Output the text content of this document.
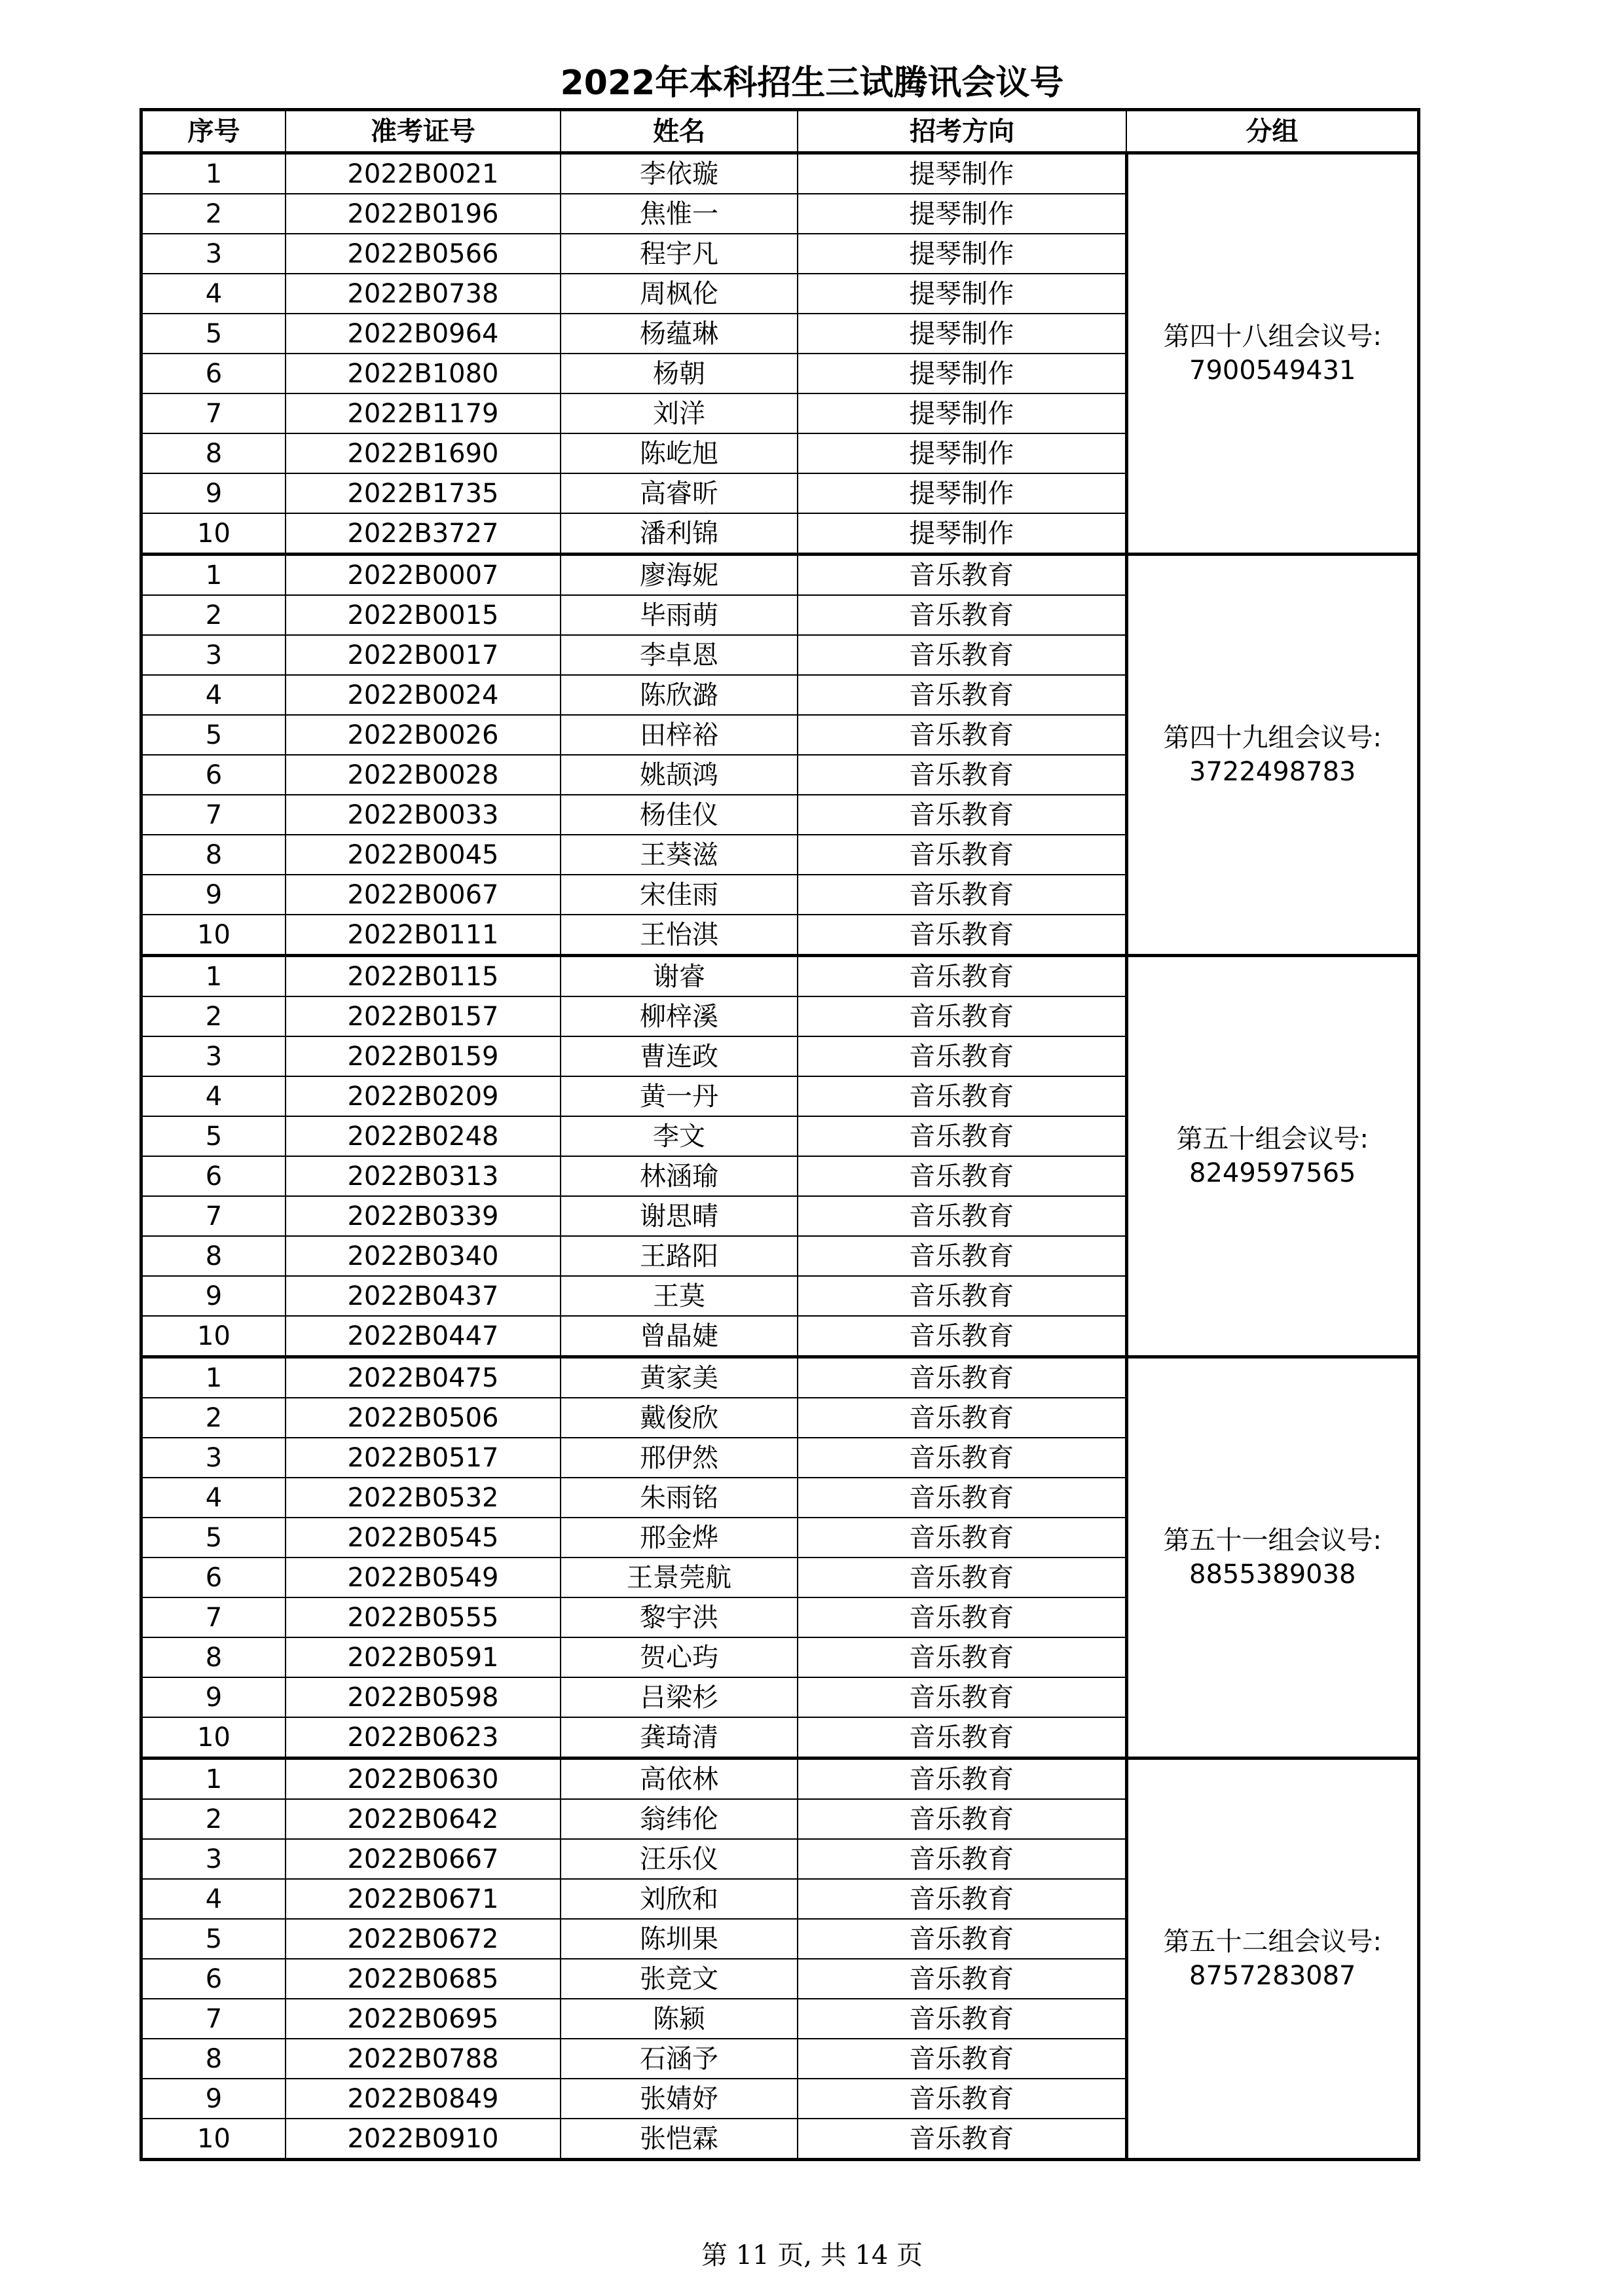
2022年本科招生三试腾讯会议号
序号	准考证号	姓名	招考方向	分组
1	2022B0021	李依璇	提琴制作	第四十八组会议号:
7900549431

2	2022B0196	焦惟一	提琴制作	
3	2022B0566	程宇凡	提琴制作	
4	2022B0738	周枫伦	提琴制作	
5	2022B0964	杨蕴琳	提琴制作	
6	2022B1080	杨朝	提琴制作	
7	2022B1179	刘洋	提琴制作	
8	2022B1690	陈屹旭	提琴制作	
9	2022B1735	高睿昕	提琴制作	
10	2022B3727	潘利锦	提琴制作	
1	2022B0007	廖海妮	音乐教育	第四十九组会议号:
3722498783

2	2022B0015	毕雨萌	音乐教育	
3	2022B0017	李卓恩	音乐教育	
4	2022B0024	陈欣潞	音乐教育	
5	2022B0026	田梓裕	音乐教育	
6	2022B0028	姚颉鸿	音乐教育	
7	2022B0033	杨佳仪	音乐教育	
8	2022B0045	王葵滋	音乐教育	
9	2022B0067	宋佳雨	音乐教育	
10	2022B0111	王怡淇	音乐教育	
1	2022B0115	谢睿	音乐教育	第五十组会议号:
8249597565

2	2022B0157	柳梓溪	音乐教育	
3	2022B0159	曹连政	音乐教育	
4	2022B0209	黄一丹	音乐教育	
5	2022B0248	李文	音乐教育	
6	2022B0313	林涵瑜	音乐教育	
7	2022B0339	谢思晴	音乐教育	
8	2022B0340	王路阳	音乐教育	
9	2022B0437	王莫	音乐教育	
10	2022B0447	曾晶婕	音乐教育	
1	2022B0475	黄家美	音乐教育	第五十一组会议号:
8855389038

2	2022B0506	戴俊欣	音乐教育	
3	2022B0517	邢伊然	音乐教育	
4	2022B0532	朱雨铭	音乐教育	
5	2022B0545	邢金烨	音乐教育	
6	2022B0549	王景莞航	音乐教育	
7	2022B0555	黎宇洪	音乐教育	
8	2022B0591	贺心玙	音乐教育	
9	2022B0598	吕梁杉	音乐教育	
10	2022B0623	龚琦清	音乐教育	
1	2022B0630	高依林	音乐教育	第五十二组会议号:
8757283087

2	2022B0642	翁纬伦	音乐教育	
3	2022B0667	汪乐仪	音乐教育	
4	2022B0671	刘欣和	音乐教育	
5	2022B0672	陈圳果	音乐教育	
6	2022B0685	张竞文	音乐教育	
7	2022B0695	陈颍	音乐教育	
8	2022B0788	石涵予	音乐教育	
9	2022B0849	张婧妤	音乐教育	
10	2022B0910	张恺霖	音乐教育	
第 11 页, 共 14 页
